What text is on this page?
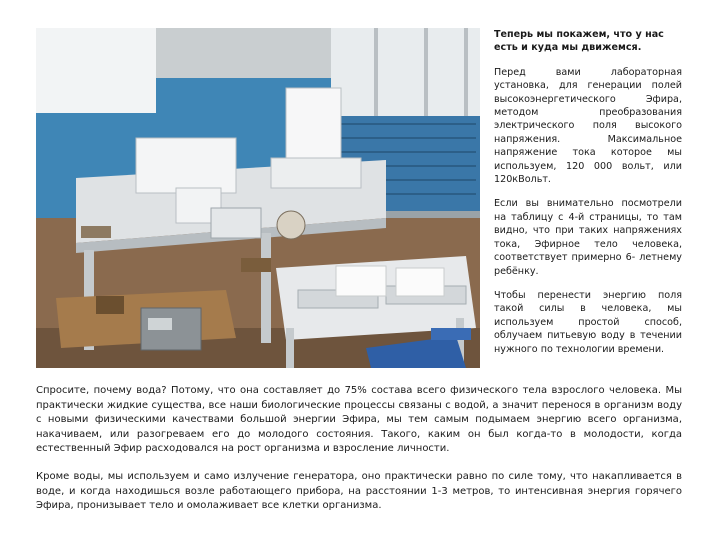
Теперь мы покажем, что у нас есть и куда мы движемся.

Перед вами лабораторная установка, для генерации полей высокоэнергетического Эфира, методом преобразования электрического поля высокого напряжения. Максимальное напряжение тока которое мы используем, 120 000 вольт, или 120кВольт.

Если вы внимательно посмотрели на таблицу с 4-й страницы, то там видно, что при таких напряжениях тока, Эфирное тело человека, соответствует примерно 6- летнему ребёнку.

Чтобы перенести энергию поля такой силы в человека, мы используем простой способ, облучаем питьевую воду в течении нужного по технологии времени.

Спросите, почему вода? Потому, что она составляет до 75% состава всего физического тела взрослого человека. Мы практически жидкие существа, все наши биологические процессы связаны с водой, а значит перенося в организм воду с новыми физическими качествами большой энергии Эфира, мы тем самым подымаем энергию всего организма, накачиваем, или разогреваем его до молодого состояния. Такого, каким он был когда-то в молодости, когда естественный Эфир расходовался на рост организма и взросление личности.

Кроме воды, мы используем и само излучение генератора, оно практически равно по силе тому, что накапливается в воде, и когда находишься возле работающего прибора, на расстоянии 1-3 метров, то интенсивная энергия горячего Эфира, пронизывает тело и омолаживает все клетки организма.
